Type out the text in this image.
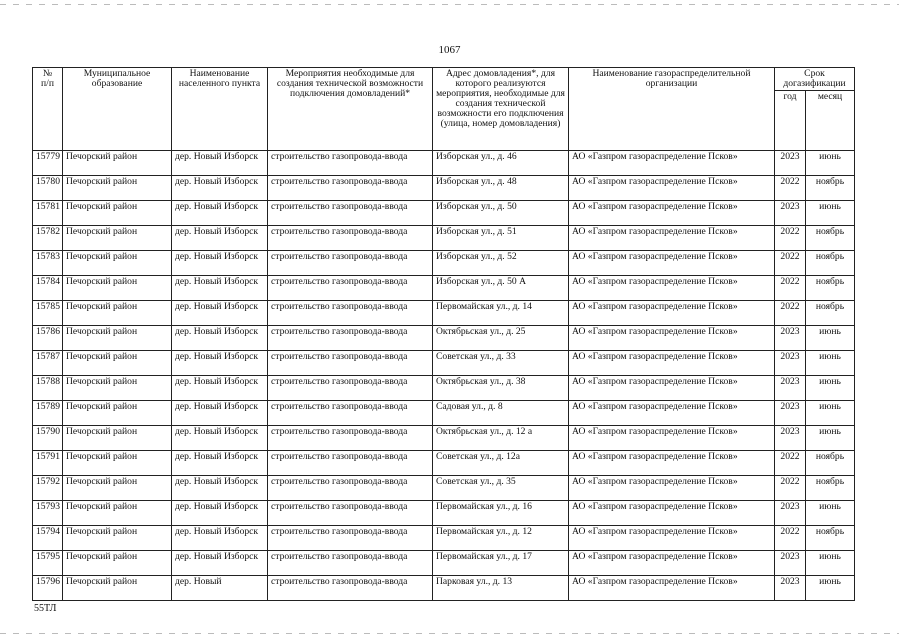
1067
№
п/п	Муниципальное образование	Наименование населенного пункта	Мероприятия необходимые для создания технической возможности подключения домовладений*	Адрес домовладения*, для которого реализуются мероприятия, необходимые для создания технической возможности его подключения (улица, номер домовладения)	Наименование газораспределительной организации	Срок догазификации	
						год	месяц
15779	Печорский район	дер. Новый Изборск	строительство газопровода-ввода	Изборская ул., д. 46	АО «Газпром газораспределение Псков»	2023	июнь
15780	Печорский район	дер. Новый Изборск	строительство газопровода-ввода	Изборская ул., д. 48	АО «Газпром газораспределение Псков»	2022	ноябрь
15781	Печорский район	дер. Новый Изборск	строительство газопровода-ввода	Изборская ул., д. 50	АО «Газпром газораспределение Псков»	2023	июнь
15782	Печорский район	дер. Новый Изборск	строительство газопровода-ввода	Изборская ул., д. 51	АО «Газпром газораспределение Псков»	2022	ноябрь
15783	Печорский район	дер. Новый Изборск	строительство газопровода-ввода	Изборская ул., д. 52	АО «Газпром газораспределение Псков»	2022	ноябрь
15784	Печорский район	дер. Новый Изборск	строительство газопровода-ввода	Изборская ул., д. 50 А	АО «Газпром газораспределение Псков»	2022	ноябрь
15785	Печорский район	дер. Новый Изборск	строительство газопровода-ввода	Первомайская ул., д. 14	АО «Газпром газораспределение Псков»	2022	ноябрь
15786	Печорский район	дер. Новый Изборск	строительство газопровода-ввода	Октябрьская ул., д. 25	АО «Газпром газораспределение Псков»	2023	июнь
15787	Печорский район	дер. Новый Изборск	строительство газопровода-ввода	Советская ул., д. 33	АО «Газпром газораспределение Псков»	2023	июнь
15788	Печорский район	дер. Новый Изборск	строительство газопровода-ввода	Октябрьская ул., д. 38	АО «Газпром газораспределение Псков»	2023	июнь
15789	Печорский район	дер. Новый Изборск	строительство газопровода-ввода	Садовая ул., д. 8	АО «Газпром газораспределение Псков»	2023	июнь
15790	Печорский район	дер. Новый Изборск	строительство газопровода-ввода	Октябрьская ул., д. 12 а	АО «Газпром газораспределение Псков»	2023	июнь
15791	Печорский район	дер. Новый Изборск	строительство газопровода-ввода	Советская ул., д. 12а	АО «Газпром газораспределение Псков»	2022	ноябрь
15792	Печорский район	дер. Новый Изборск	строительство газопровода-ввода	Советская ул., д. 35	АО «Газпром газораспределение Псков»	2022	ноябрь
15793	Печорский район	дер. Новый Изборск	строительство газопровода-ввода	Первомайская ул., д. 16	АО «Газпром газораспределение Псков»	2023	июнь
15794	Печорский район	дер. Новый Изборск	строительство газопровода-ввода	Первомайская ул., д. 12	АО «Газпром газораспределение Псков»	2022	ноябрь
15795	Печорский район	дер. Новый Изборск	строительство газопровода-ввода	Первомайская ул., д. 17	АО «Газпром газораспределение Псков»	2023	июнь
15796	Печорский район	дер. Новый	строительство газопровода-ввода	Парковая ул., д. 13	АО «Газпром газораспределение Псков»	2023	июнь
55ТЛ
